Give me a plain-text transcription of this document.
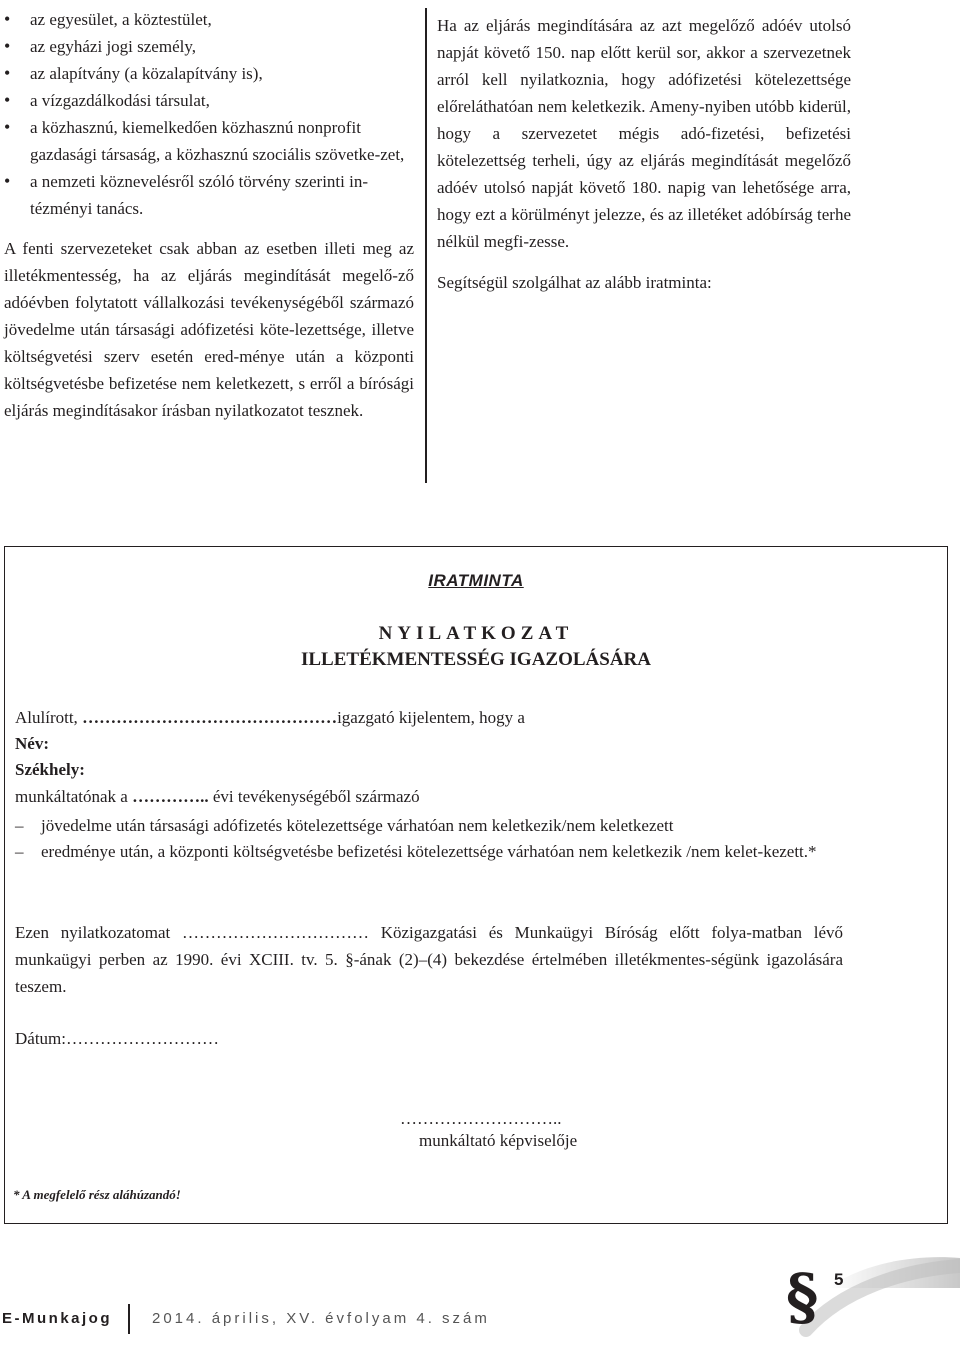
• az egyesület, a köztestület,
• az egyházi jogi személy,
• az alapítvány (a közalapítvány is),
• a vízgazdálkodási társulat,
• a közhasznú, kiemelkedően közhasznú nonprofit gazdasági társaság, a közhasznú szociális szövetke-zet,
• a nemzeti köznevelésről szóló törvény szerinti in-tézményi tanács.

A fenti szervezeteket csak abban az esetben illeti meg az illetékmentesség, ha az eljárás megindítását megelő-ző adóévben folytatott vállalkozási tevékenységéből származó jövedelme után társasági adófizetési köte-lezettsége, illetve költségvetési szerv esetén ered-ménye után a központi költségvetésbe befizetése nem keletkezett, s erről a bírósági eljárás megindításakor írásban nyilatkozatot tesznek.

Ha az eljárás megindítására az azt megelőző adóév utolsó napját követő 150. nap előtt kerül sor, akkor a szervezetnek arról kell nyilatkoznia, hogy adófizetési kötelezettsége előreláthatóan nem keletkezik. Ameny-nyiben utóbb kiderül, hogy a szervezetet mégis adó-fizetési, befizetési kötelezettség terheli, úgy az eljárás megindítását megelőző adóév utolsó napját követő 180. napig van lehetősége arra, hogy ezt a körülményt jelezze, és az illetéket adóbírság terhe nélkül megfi-zesse.

Segítségül szolgálhat az alább iratminta:

IRATMINTA
NYILATKOZAT
ILLETÉKMENTESSÉG IGAZOLÁSÁRA
Alulírott, ………………………………………igazgató kijelentem, hogy a
Név:
Székhely:
munkáltatónak a ………….. évi tevékenységéből származó
– jövedelme után társasági adófizetés kötelezettsége várhatóan nem keletkezik/nem keletkezett
– eredménye után, a központi költségvetésbe befizetési kötelezettsége várhatóan nem keletkezik /nem kelet-kezett.*
Ezen nyilatkozatomat …………………………… Közigazgatási és Munkaügyi Bíróság előtt folya-matban lévő munkaügyi perben az 1990. évi XCIII. tv. 5. §-ának (2)–(4) bekezdése értelmében illetékmentes-ségünk igazolására teszem.
Dátum:………………………
………………………..
munkáltató képviselője
* A megfelelő rész aláhúzandó!
E-Munkajog	2014. április, XV. évfolyam 4. szám	§ 5
